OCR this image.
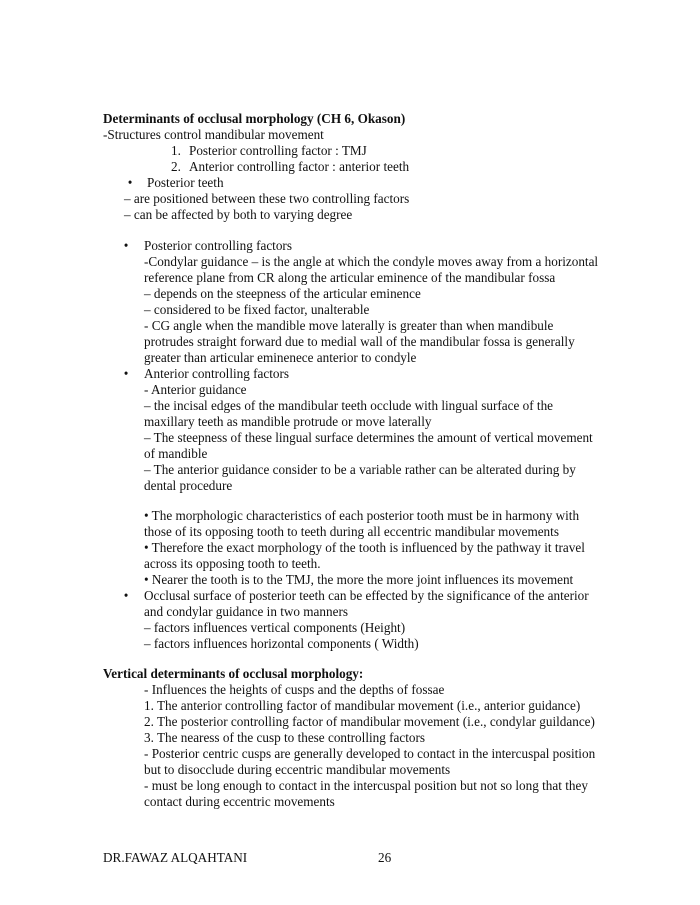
Determinants of occlusal morphology (CH 6, Okason)
-Structures control mandibular movement
1. Posterior controlling factor : TMJ
2. Anterior controlling factor : anterior teeth
• Posterior teeth
– are positioned between these two controlling factors
– can be affected by both to varying degree
• Posterior controlling factors
-Condylar guidance – is the angle at which the condyle moves away from a horizontal
reference plane from CR along the articular eminence of the mandibular fossa
– depends on the steepness of the articular eminence
– considered to be fixed factor, unalterable
- CG angle when the mandible move laterally is greater than when mandibule
protrudes straight forward due to medial wall of the mandibular fossa is generally
greater than articular eminenece anterior to condyle
• Anterior controlling factors
- Anterior guidance
– the incisal edges of the mandibular teeth occlude with lingual surface of the
maxillary teeth as mandible protrude or move laterally
– The steepness of these lingual surface determines the amount of vertical movement
of mandible
– The anterior guidance consider to be a variable rather can be alterated during by
dental procedure
• The morphologic characteristics of each posterior tooth must be in harmony with
those of its opposing tooth to teeth during all eccentric mandibular movements
• Therefore the exact morphology of the tooth is influenced by the pathway it travel
across its opposing tooth to teeth.
• Nearer the tooth is to the TMJ, the more the more joint influences its movement
• Occlusal surface of posterior teeth can be effected by the significance of the anterior
and condylar guidance in two manners
– factors influences vertical components (Height)
– factors influences horizontal components ( Width)
Vertical determinants of occlusal morphology:
- Influences the heights of cusps and the depths of fossae
1. The anterior controlling factor of mandibular movement (i.e., anterior guidance)
2. The posterior controlling factor of mandibular movement (i.e., condylar guildance)
3. The nearess of the cusp to these controlling factors
- Posterior centric cusps are generally developed to contact in the intercuspal position
but to disocclude during eccentric mandibular movements
- must be long enough to contact in the intercuspal position but not so long that they
contact during eccentric movements
DR.FAWAZ ALQAHTANI	26
